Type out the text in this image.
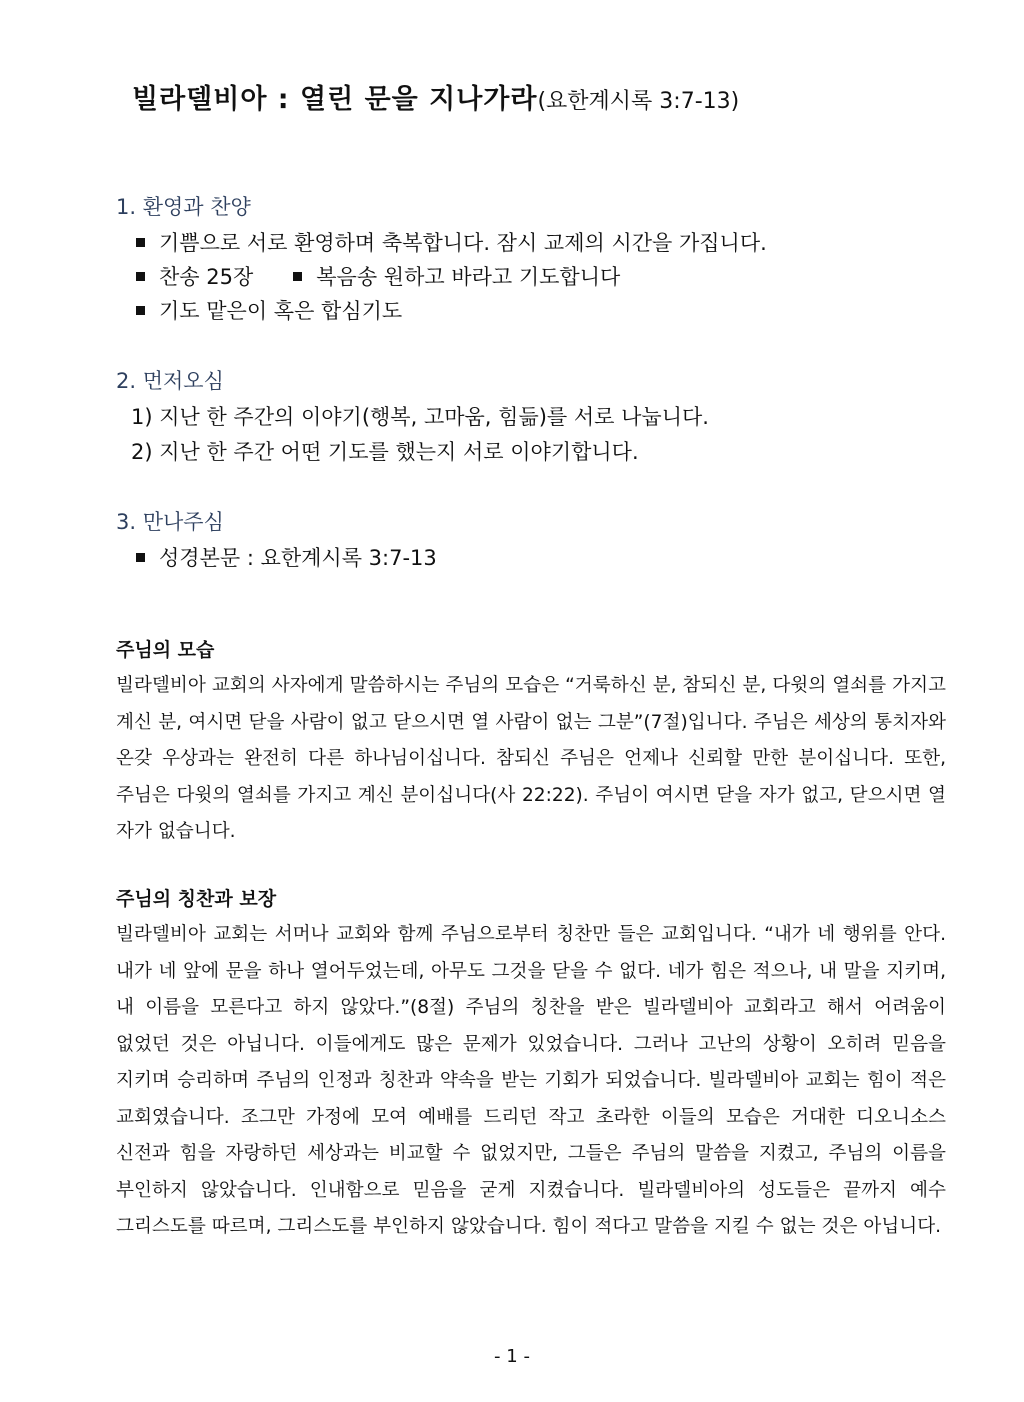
빌라델비아 : 열린 문을 지나가라(요한계시록 3:7-13)
1. 환영과 찬양
기쁨으로 서로 환영하며 축복합니다. 잠시 교제의 시간을 가집니다.
찬송 25장	복음송 원하고 바라고 기도합니다
기도 맡은이 혹은 합심기도
2. 먼저오심
1) 지난 한 주간의 이야기(행복, 고마움, 힘듦)를 서로 나눕니다.
2) 지난 한 주간 어떤 기도를 했는지 서로 이야기합니다.
3. 만나주심
성경본문 : 요한계시록 3:7-13
주님의 모습
빌라델비아 교회의 사자에게 말씀하시는 주님의 모습은 “거룩하신 분, 참되신 분, 다윗의 열쇠를 가지고 계신 분, 여시면 닫을 사람이 없고 닫으시면 열 사람이 없는 그분”(7절)입니다. 주님은 세상의 통치자와 온갖 우상과는 완전히 다른 하나님이십니다. 참되신 주님은 언제나 신뢰할 만한 분이십니다. 또한, 주님은 다윗의 열쇠를 가지고 계신 분이십니다(사 22:22). 주님이 여시면 닫을 자가 없고, 닫으시면 열 자가 없습니다.
주님의 칭찬과 보장
빌라델비아 교회는 서머나 교회와 함께 주님으로부터 칭찬만 들은 교회입니다. “내가 네 행위를 안다. 내가 네 앞에 문을 하나 열어두었는데, 아무도 그것을 닫을 수 없다. 네가 힘은 적으나, 내 말을 지키며, 내 이름을 모른다고 하지 않았다.”(8절) 주님의 칭찬을 받은 빌라델비아 교회라고 해서 어려움이 없었던 것은 아닙니다. 이들에게도 많은 문제가 있었습니다. 그러나 고난의 상황이 오히려 믿음을 지키며 승리하며 주님의 인정과 칭찬과 약속을 받는 기회가 되었습니다. 빌라델비아 교회는 힘이 적은 교회였습니다. 조그만 가정에 모여 예배를 드리던 작고 초라한 이들의 모습은 거대한 디오니소스 신전과 힘을 자랑하던 세상과는 비교할 수 없었지만, 그들은 주님의 말씀을 지켰고, 주님의 이름을 부인하지 않았습니다. 인내함으로 믿음을 굳게 지켰습니다. 빌라델비아의 성도들은 끝까지 예수 그리스도를 따르며, 그리스도를 부인하지 않았습니다. 힘이 적다고 말씀을 지킬 수 없는 것은 아닙니다.
- 1 -
